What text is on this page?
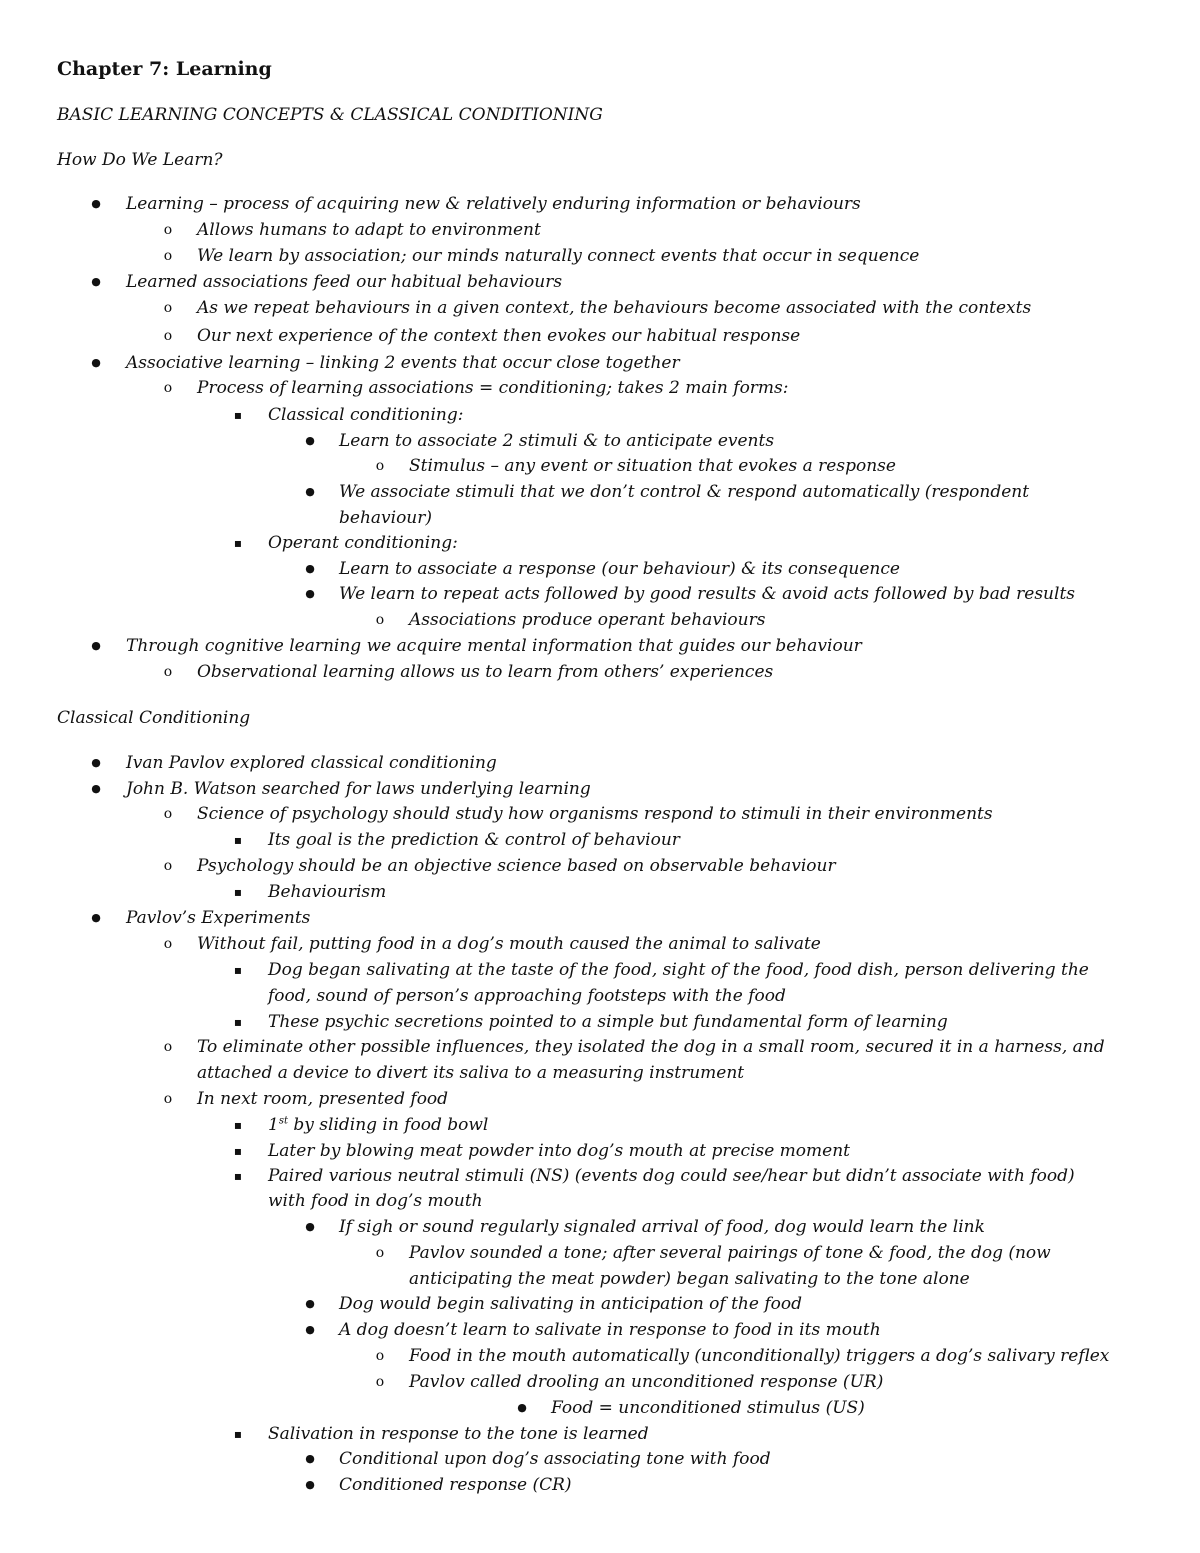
Chapter 7: Learning
BASIC LEARNING CONCEPTS & CLASSICAL CONDITIONING
How Do We Learn?
●
Learning – process of acquiring new & relatively enduring information or behaviours
o
Allows humans to adapt to environment
o
We learn by association; our minds naturally connect events that occur in sequence
●
Learned associations feed our habitual behaviours
o
As we repeat behaviours in a given context, the behaviours become associated with the contexts
o
Our next experience of the context then evokes our habitual response
●
Associative learning – linking 2 events that occur close together
o
Process of learning associations = conditioning; takes 2 main forms:
▪
Classical conditioning:
●
Learn to associate 2 stimuli & to anticipate events
o
Stimulus – any event or situation that evokes a response
●
We associate stimuli that we don’t control & respond automatically (respondent
behaviour)
▪
Operant conditioning:
●
Learn to associate a response (our behaviour) & its consequence
●
We learn to repeat acts followed by good results & avoid acts followed by bad results
o
Associations produce operant behaviours
●
Through cognitive learning we acquire mental information that guides our behaviour
o
Observational learning allows us to learn from others’ experiences
Classical Conditioning
●
Ivan Pavlov explored classical conditioning
●
John B. Watson searched for laws underlying learning
o
Science of psychology should study how organisms respond to stimuli in their environments
▪
Its goal is the prediction & control of behaviour
o
Psychology should be an objective science based on observable behaviour
▪
Behaviourism
●
Pavlov’s Experiments
o
Without fail, putting food in a dog’s mouth caused the animal to salivate
▪
Dog began salivating at the taste of the food, sight of the food, food dish, person delivering the
food, sound of person’s approaching footsteps with the food
▪
These psychic secretions pointed to a simple but fundamental form of learning
o
To eliminate other possible influences, they isolated the dog in a small room, secured it in a harness, and
attached a device to divert its saliva to a measuring instrument
o
In next room, presented food
▪
1st by sliding in food bowl
▪
Later by blowing meat powder into dog’s mouth at precise moment
▪
Paired various neutral stimuli (NS) (events dog could see/hear but didn’t associate with food)
with food in dog’s mouth
●
If sigh or sound regularly signaled arrival of food, dog would learn the link
o
Pavlov sounded a tone; after several pairings of tone & food, the dog (now
anticipating the meat powder) began salivating to the tone alone
●
Dog would begin salivating in anticipation of the food
●
A dog doesn’t learn to salivate in response to food in its mouth
o
Food in the mouth automatically (unconditionally) triggers a dog’s salivary reflex
o
Pavlov called drooling an unconditioned response (UR)
●
Food = unconditioned stimulus (US)
▪
Salivation in response to the tone is learned
●
Conditional upon dog’s associating tone with food
●
Conditioned response (CR)
